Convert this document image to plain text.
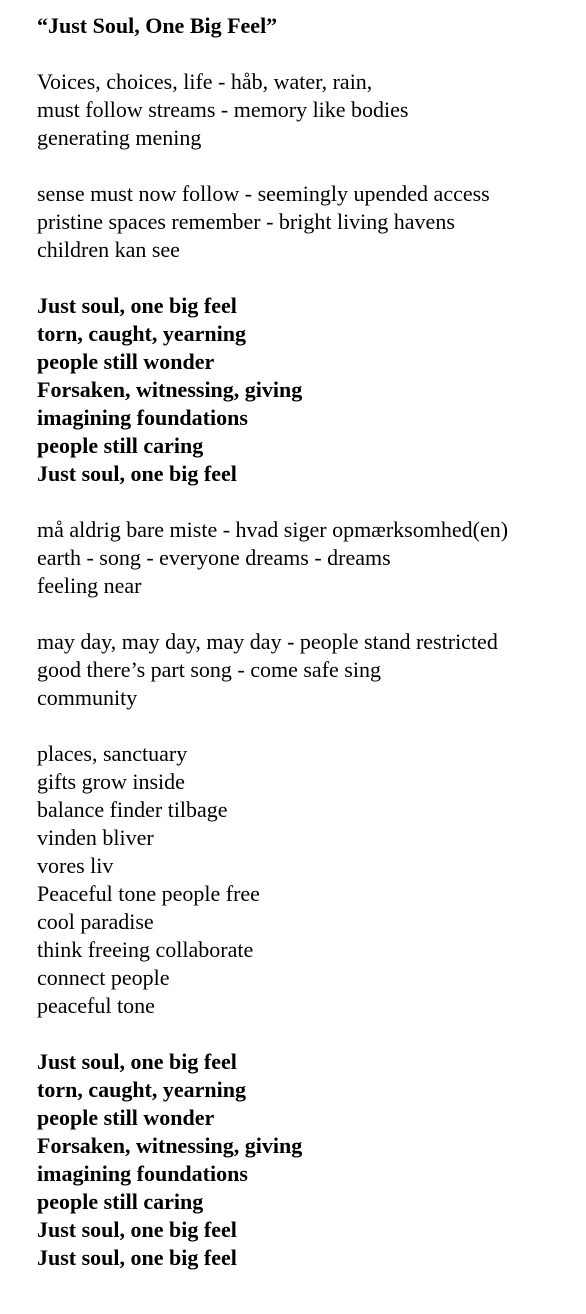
“Just Soul, One Big Feel”
Voices, choices, life - håb, water, rain,
must follow streams - memory like bodies
generating mening
sense must now follow - seemingly upended access
pristine spaces remember - bright living havens
children kan see
Just soul, one big feel
torn, caught, yearning
people still wonder
Forsaken, witnessing, giving
imagining foundations
people still caring
Just soul, one big feel
må aldrig bare miste - hvad siger opmærksomhed(en)
earth - song - everyone dreams - dreams
feeling near
may day, may day, may day - people stand restricted
good there’s part song - come safe sing
community
places, sanctuary
gifts grow inside
balance finder tilbage
vinden bliver
vores liv
Peaceful tone people free
cool paradise
think freeing collaborate
connect people
peaceful tone
Just soul, one big feel
torn, caught, yearning
people still wonder
Forsaken, witnessing, giving
imagining foundations
people still caring
Just soul, one big feel
Just soul, one big feel
